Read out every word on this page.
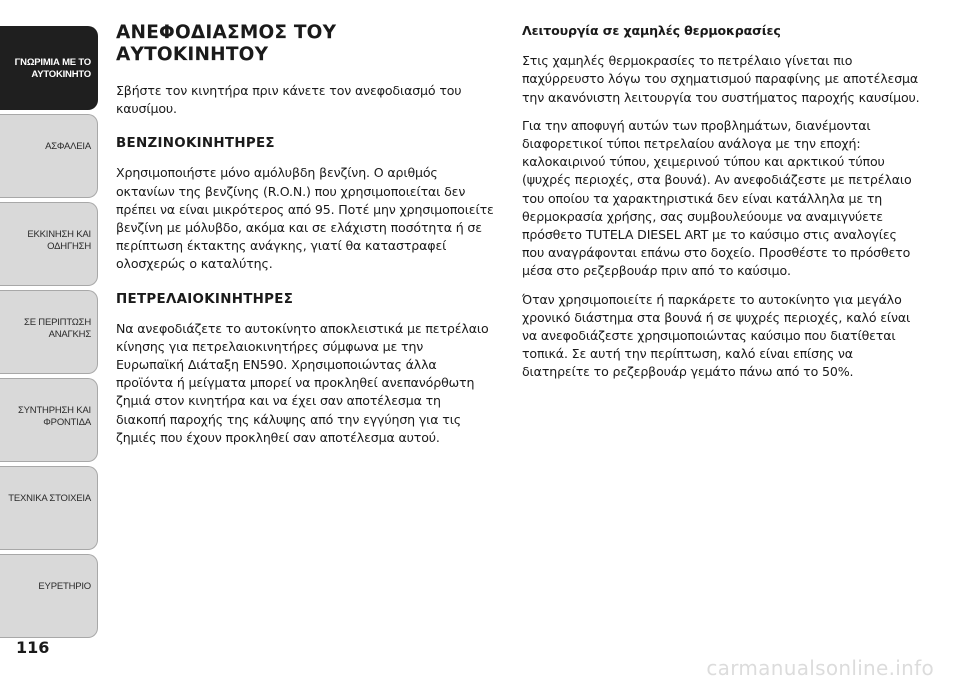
ΓΝΩΡΙΜΙΑ ΜΕ ΤΟ
ΑΥΤΟΚΙΝΗΤΟ
ΑΣΦΑΛΕΙΑ
ΕΚΚΙΝΗΣΗ ΚΑΙ
ΟΔΗΓΗΣΗ
ΣΕ ΠΕΡΙΠΤΩΣΗ
ΑΝΑΓΚΗΣ
ΣΥΝΤΗΡΗΣΗ ΚΑΙ
ΦΡΟΝΤΙΔΑ
ΤΕΧΝΙΚΑ ΣΤΟΙΧΕΙΑ
ΕΥΡΕΤΗΡΙΟ
116
ΑΝΕΦΟΔΙΑΣΜΟΣ ΤΟΥ
ΑΥΤΟΚΙΝΗΤΟΥ

Σβήστε τον κινητήρα πριν κάνετε τον ανεφοδιασμό του καυσίμου.

ΒΕΝΖΙΝΟΚΙΝΗΤΗΡΕΣ

Χρησιμοποιήστε μόνο αμόλυβδη βενζίνη. Ο αριθμός οκτανίων της βενζίνης (R.O.N.) που χρησιμοποιείται δεν πρέπει να είναι μικρότερος από 95. Ποτέ μην χρησιμοποιείτε βενζίνη με μόλυβδο, ακόμα και σε ελάχιστη ποσότητα ή σε περίπτωση έκτακτης ανάγκης, γιατί θα καταστραφεί ολοσχερώς ο καταλύτης.

ΠΕΤΡΕΛΑΙΟΚΙΝΗΤΗΡΕΣ

Να ανεφοδιάζετε το αυτοκίνητο αποκλειστικά με πετρέλαιο κίνησης για πετρελαιοκινητήρες σύμφωνα με την Ευρωπαϊκή Διάταξη EN590. Χρησιμοποιώντας άλλα προϊόντα ή μείγματα μπορεί να προκληθεί ανεπανόρθωτη ζημιά στον κινητήρα και να έχει σαν αποτέλεσμα τη διακοπή παροχής της κάλυψης από την εγγύηση για τις ζημιές που έχουν προκληθεί σαν αποτέλεσμα αυτού.

Λειτουργία σε χαμηλές θερμοκρασίες

Στις χαμηλές θερμοκρασίες το πετρέλαιο γίνεται πιο παχύρρευστο λόγω του σχηματισμού παραφίνης με αποτέλεσμα την ακανόνιστη λειτουργία του συστήματος παροχής καυσίμου.

Για την αποφυγή αυτών των προβλημάτων, διανέμονται διαφορετικοί τύποι πετρελαίου ανάλογα με την εποχή: καλοκαιρινού τύπου, χειμερινού τύπου και αρκτικού τύπου (ψυχρές περιοχές, στα βουνά). Αν ανεφοδιάζεστε με πετρέλαιο του οποίου τα χαρακτηριστικά δεν είναι κατάλληλα με τη θερμοκρασία χρήσης, σας συμβουλεύουμε να αναμιγνύετε πρόσθετο TUTELA DIESEL ART με το καύσιμο στις αναλογίες που αναγράφονται επάνω στο δοχείο. Προσθέστε το πρόσθετο μέσα στο ρεζερβουάρ πριν από το καύσιμο.

Όταν χρησιμοποιείτε ή παρκάρετε το αυτοκίνητο για μεγάλο χρονικό διάστημα στα βουνά ή σε ψυχρές περιοχές, καλό είναι να ανεφοδιάζεστε χρησιμοποιώντας καύσιμο που διατίθεται τοπικά. Σε αυτή την περίπτωση, καλό είναι επίσης να διατηρείτε το ρεζερβουάρ γεμάτο πάνω από το 50%.

carmanualsonline.info
